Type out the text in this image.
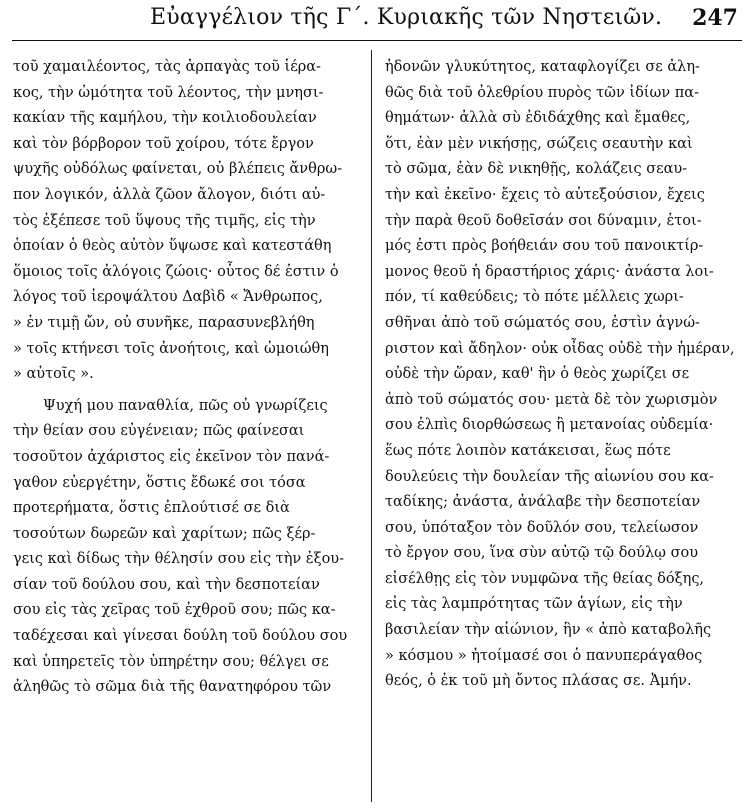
Εὐαγγέλιον τῆς Γ΄. Κυριακῆς τῶν Νηστειῶν. 247
τοῦ χαμαιλέοντος, τὰς ἁρπαγὰς τοῦ ἱέρα-
κος, τὴν ὠμότητα τοῦ λέοντος, τὴν μνησι-
κακίαν τῆς καμήλου, τὴν κοιλιοδουλείαν
καὶ τὸν βόρβορον τοῦ χοίρου, τότε ἔργον
ψυχῆς οὐδόλως φαίνεται, οὐ βλέπεις ἄνθρω-
πον λογικόν, ἀλλὰ ζῶον ἄλογον, διότι αὐ-
τὸς ἐξέπεσε τοῦ ὕψους τῆς τιμῆς, εἰς τὴν
ὁποίαν ὁ θεὸς αὐτὸν ὕψωσε καὶ κατεστάθη
ὅμοιος τοῖς ἀλόγοις ζώοις· οὗτος δέ ἐστιν ὁ
λόγος τοῦ ἱεροψάλτου Δαβὶδ « Ἄνθρωπος,
» ἐν τιμῇ ὤν, οὐ συνῆκε, παρασυνεβλήθη
» τοῖς κτήνεσι τοῖς ἀνοήτοις, καὶ ὡμοιώθη
» αὐτοῖς ».
Ψυχή μου παναθλία, πῶς οὐ γνωρίζεις
τὴν θείαν σου εὐγένειαν; πῶς φαίνεσαι
τοσοῦτον ἀχάριστος εἰς ἐκεῖνον τὸν πανά-
γαθον εὐεργέτην, ὅστις ἔδωκέ σοι τόσα
προτερήματα, ὅστις ἐπλούτισέ σε διὰ
τοσούτων δωρεῶν καὶ χαρίτων; πῶς ξέρ-
γεις καὶ δίδως τὴν θέλησίν σου εἰς τὴν ἐξου-
σίαν τοῦ δούλου σου, καὶ τὴν δεσποτείαν
σου εἰς τὰς χεῖρας τοῦ ἐχθροῦ σου; πῶς κα-
ταδέχεσαι καὶ γίνεσαι δούλη τοῦ δούλου σου
καὶ ὑπηρετεῖς τὸν ὑπηρέτην σου; θέλγει σε
ἀληθῶς τὸ σῶμα διὰ τῆς θανατηφόρου τῶν
ἡδονῶν γλυκύτητος, καταφλογίζει σε ἀλη-
θῶς διὰ τοῦ ὀλεθρίου πυρὸς τῶν ἰδίων πα-
θημάτων· ἀλλὰ σὺ ἐδιδάχθης καὶ ἔμαθες,
ὅτι, ἐὰν μὲν νικήσῃς, σώζεις σεαυτὴν καὶ
τὸ σῶμα, ἐὰν δὲ νικηθῇς, κολάζεις σεαυ-
τὴν καὶ ἐκεῖνο· ἔχεις τὸ αὐτεξούσιον, ἔχεις
τὴν παρὰ θεοῦ δοθεῖσάν σοι δύναμιν, ἑτοι-
μός ἐστι πρὸς βοήθειάν σου τοῦ πανοικτίρ-
μονος θεοῦ ἡ δραστήριος χάρις· ἀνάστα λοι-
πόν, τί καθεύδεις; τὸ πότε μέλλεις χωρι-
σθῆναι ἀπὸ τοῦ σώματός σου, ἐστὶν ἀγνώ-
ριστον καὶ ἄδηλον· οὐκ οἶδας οὐδὲ τὴν ἡμέραν,
οὐδὲ τὴν ὥραν, καθ' ἣν ὁ θεὸς χωρίζει σε
ἀπὸ τοῦ σώματός σου· μετὰ δὲ τὸν χωρισμὸν
σου ἐλπὶς διορθώσεως ἢ μετανοίας οὐδεμία·
ἕως πότε λοιπὸν κατάκεισαι, ἕως πότε
δουλεύεις τὴν δουλείαν τῆς αἰωνίου σου κα-
ταδίκης; ἀνάστα, ἀνάλαβε τὴν δεσποτείαν
σου, ὑπόταξον τὸν δοῦλόν σου, τελείωσον
τὸ ἔργον σου, ἵνα σὺν αὐτῷ τῷ δούλῳ σου
εἰσέλθῃς εἰς τὸν νυμφῶνα τῆς θείας δόξης,
εἰς τὰς λαμπρότητας τῶν ἁγίων, εἰς τὴν
βασιλείαν τὴν αἰώνιον, ἣν « ἀπὸ καταβολῆς
» κόσμου » ἡτοίμασέ σοι ὁ πανυπεράγαθος
θεός, ὁ ἐκ τοῦ μὴ ὄντος πλάσας σε. Ἀμήν.
